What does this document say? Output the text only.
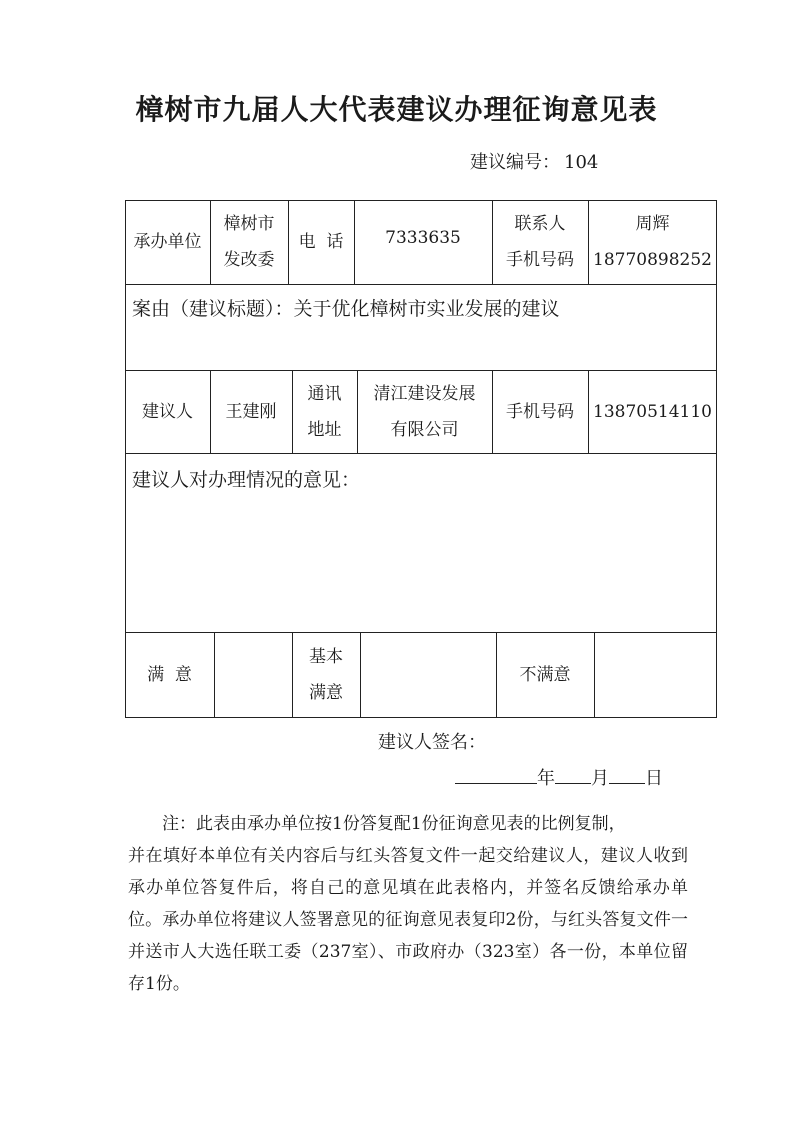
樟树市九届人大代表建议办理征询意见表
建议编号： 104
承办单位
樟树市
发改委
电  话 7333635
联系人
手机号码
周辉
18770898252
案由（建议标题）：关于优化樟树市实业发展的建议
建议人 王建刚
通讯
地址
清江建设发展
有限公司
手机号码 13870514110
建议人对办理情况的意见：
满  意
基本
满意
不满意
建议人签名：
年 月 日

注：此表由承办单位按1份答复配1份征询意见表的比例复制，

并在填好本单位有关内容后与红头答复文件一起交给建议人，建议人收到承办单位答复件后，将自己的意见填在此表格内，并签名反馈给承办单位。承办单位将建议人签署意见的征询意见表复印2份，与红头答复文件一并送市人大选任联工委（237室）、市政府办（323室）各一份，本单位留存1份。
